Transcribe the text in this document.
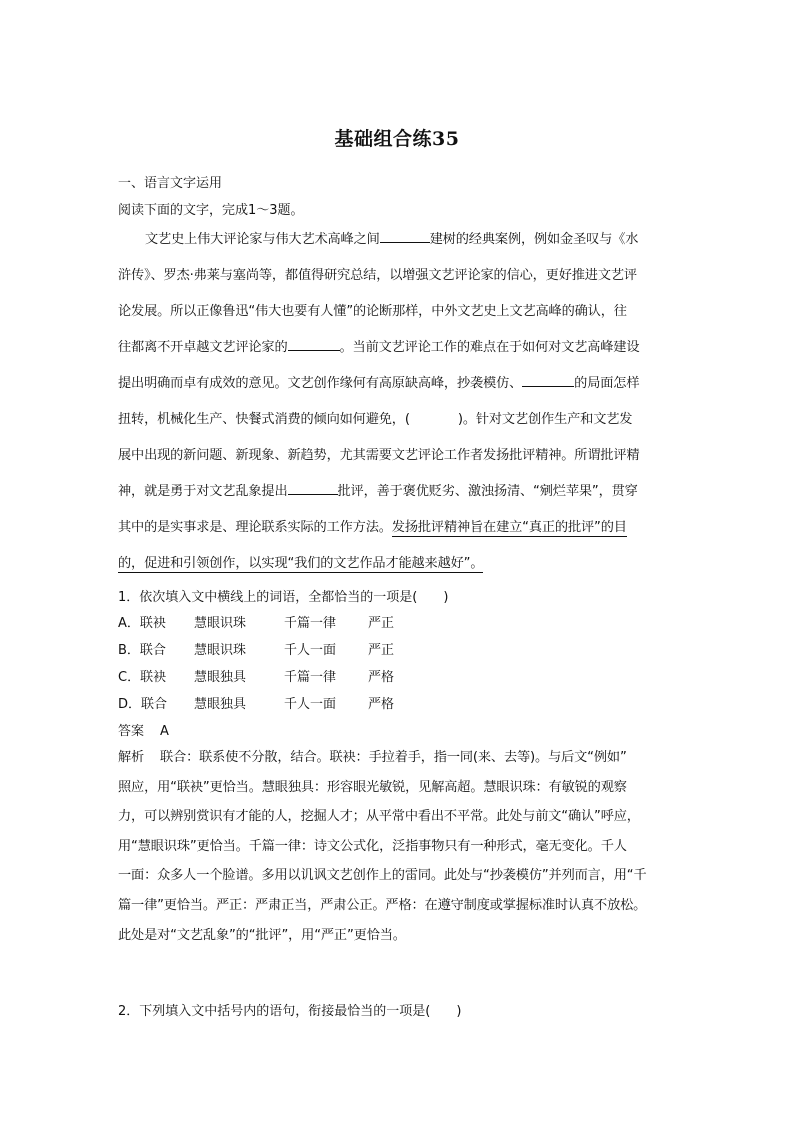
基础组合练35
一、语言文字运用
阅读下面的文字，完成1～3题。
文艺史上伟大评论家与伟大艺术高峰之间	建树的经典案例，例如金圣叹与《水
浒传》、罗杰·弗莱与塞尚等，都值得研究总结，以增强文艺评论家的信心，更好推进文艺评
论发展。所以正像鲁迅“伟大也要有人懂”的论断那样，中外文艺史上文艺高峰的确认，往
往都离不开卓越文艺评论家的	。当前文艺评论工作的难点在于如何对文艺高峰建设
提出明确而卓有成效的意见。文艺创作缘何有高原缺高峰，抄袭模仿、	的局面怎样
扭转，机械化生产、快餐式消费的倾向如何避免，(	)。针对文艺创作生产和文艺发
展中出现的新问题、新现象、新趋势，尤其需要文艺评论工作者发扬批评精神。所谓批评精
神，就是勇于对文艺乱象提出	批评，善于褒优贬劣、激浊扬清、“剜烂苹果”，贯穿
其中的是实事求是、理论联系实际的工作方法。发扬批评精神旨在建立“真正的批评”的目
的，促进和引领创作，以实现“我们的文艺作品才能越来越好”。
1．依次填入文中横线上的词语，全都恰当的一项是(　　)
A．联袂 慧眼识珠	千篇一律 严正
B．联合 慧眼识珠	千人一面 严正
C．联袂 慧眼独具	千篇一律 严格
D．联合 慧眼独具	千人一面 严格
答案 A
解析 联合：联系使不分散，结合。联袂：手拉着手，指一同(来、去等)。与后文“例如”
照应，用“联袂”更恰当。慧眼独具：形容眼光敏锐，见解高超。慧眼识珠：有敏锐的观察
力，可以辨别赏识有才能的人，挖掘人才；从平常中看出不平常。此处与前文“确认”呼应，
用“慧眼识珠”更恰当。千篇一律：诗文公式化，泛指事物只有一种形式，毫无变化。千人
一面：众多人一个脸谱。多用以讥讽文艺创作上的雷同。此处与“抄袭模仿”并列而言，用“千
篇一律”更恰当。严正：严肃正当，严肃公正。严格：在遵守制度或掌握标准时认真不放松。
此处是对“文艺乱象”的“批评”，用“严正”更恰当。
2．下列填入文中括号内的语句，衔接最恰当的一项是(　　)
